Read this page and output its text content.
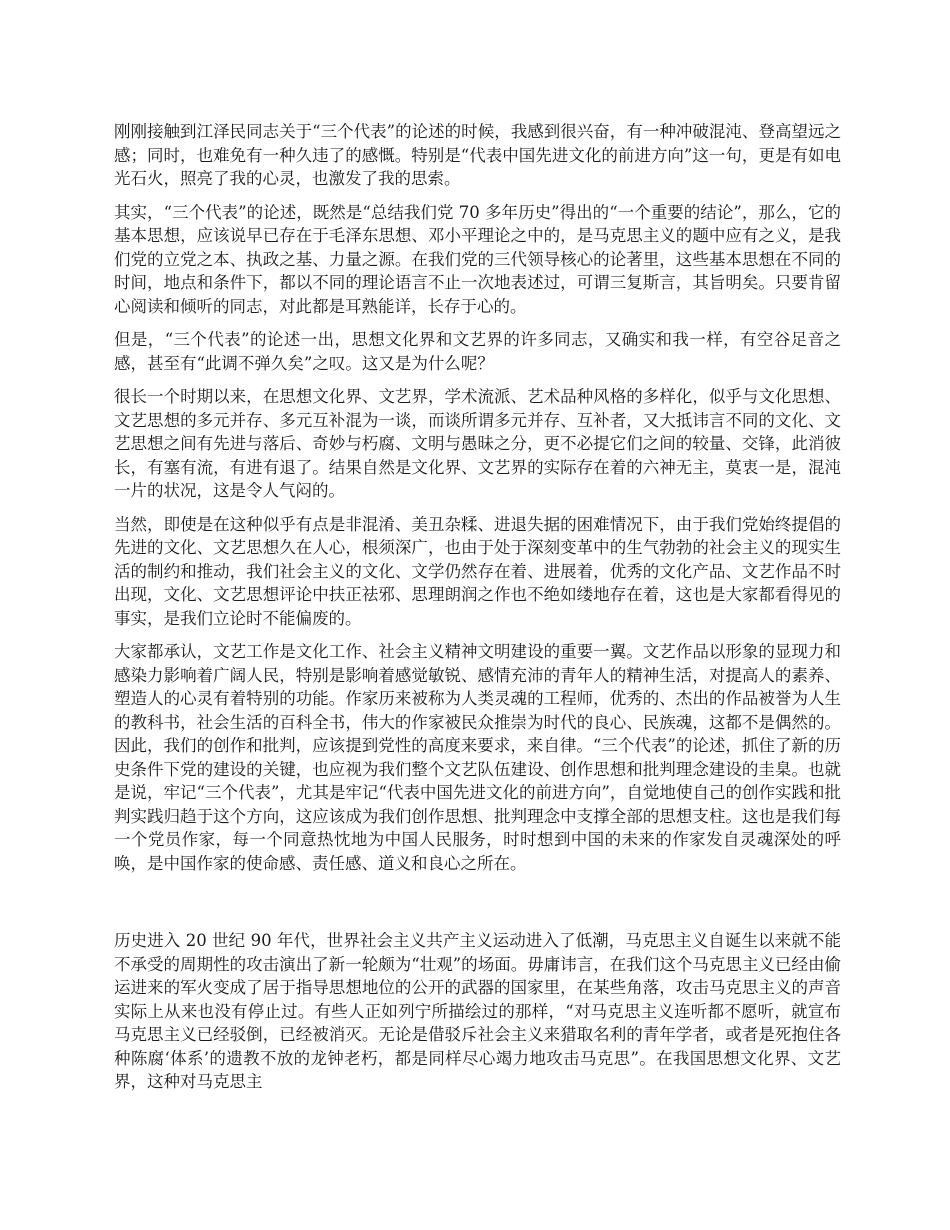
刚刚接触到江泽民同志关于“三个代表”的论述的时候，我感到很兴奋，有一种冲破混沌、登高望远之感；同时，也难免有一种久违了的感慨。特别是“代表中国先进文化的前进方向”这一句，更是有如电光石火，照亮了我的心灵，也激发了我的思索。

其实，“三个代表”的论述，既然是“总结我们党 70 多年历史”得出的“一个重要的结论”，那么，它的基本思想，应该说早已存在于毛泽东思想、邓小平理论之中的，是马克思主义的题中应有之义，是我们党的立党之本、执政之基、力量之源。在我们党的三代领导核心的论著里，这些基本思想在不同的时间，地点和条件下，都以不同的理论语言不止一次地表述过，可谓三复斯言，其旨明矣。只要肯留心阅读和倾听的同志，对此都是耳熟能详，长存于心的。

但是，“三个代表”的论述一出，思想文化界和文艺界的许多同志，又确实和我一样，有空谷足音之感，甚至有“此调不弹久矣”之叹。这又是为什么呢？

很长一个时期以来，在思想文化界、文艺界，学术流派、艺术品种风格的多样化，似乎与文化思想、文艺思想的多元并存、多元互补混为一谈，而谈所谓多元并存、互补者，又大抵讳言不同的文化、文艺思想之间有先进与落后、奇妙与朽腐、文明与愚昧之分，更不必提它们之间的较量、交锋，此消彼长，有塞有流，有进有退了。结果自然是文化界、文艺界的实际存在着的六神无主，莫衷一是，混沌一片的状况，这是令人气闷的。

当然，即使是在这种似乎有点是非混淆、美丑杂糅、进退失据的困难情况下，由于我们党始终提倡的先进的文化、文艺思想久在人心，根须深广，也由于处于深刻变革中的生气勃勃的社会主义的现实生活的制约和推动，我们社会主义的文化、文学仍然存在着、进展着，优秀的文化产品、文艺作品不时出现，文化、文艺思想评论中扶正祛邪、思理朗润之作也不绝如缕地存在着，这也是大家都看得见的事实，是我们立论时不能偏废的。

大家都承认，文艺工作是文化工作、社会主义精神文明建设的重要一翼。文艺作品以形象的显现力和感染力影响着广阔人民，特别是影响着感觉敏锐、感情充沛的青年人的精神生活，对提高人的素养、塑造人的心灵有着特别的功能。作家历来被称为人类灵魂的工程师，优秀的、杰出的作品被誉为人生的教科书，社会生活的百科全书，伟大的作家被民众推崇为时代的良心、民族魂，这都不是偶然的。因此，我们的创作和批判，应该提到党性的高度来要求，来自律。“三个代表”的论述，抓住了新的历史条件下党的建设的关键，也应视为我们整个文艺队伍建设、创作思想和批判理念建设的圭臬。也就是说，牢记“三个代表”，尤其是牢记“代表中国先进文化的前进方向”，自觉地使自己的创作实践和批判实践归趋于这个方向，这应该成为我们创作思想、批判理念中支撑全部的思想支柱。这也是我们每一个党员作家，每一个同意热忱地为中国人民服务，时时想到中国的未来的作家发自灵魂深处的呼唤，是中国作家的使命感、责任感、道义和良心之所在。

历史进入 20 世纪 90 年代，世界社会主义共产主义运动进入了低潮，马克思主义自诞生以来就不能不承受的周期性的攻击演出了新一轮颇为“壮观”的场面。毋庸讳言，在我们这个马克思主义已经由偷运进来的军火变成了居于指导思想地位的公开的武器的国家里，在某些角落，攻击马克思主义的声音实际上从来也没有停止过。有些人正如列宁所描绘过的那样，“对马克思主义连听都不愿听，就宣布马克思主义已经驳倒，已经被消灭。无论是借驳斥社会主义来猎取名利的青年学者，或者是死抱住各种陈腐‘体系’的遗教不放的龙钟老朽，都是同样尽心竭力地攻击马克思”。在我国思想文化界、文艺界，这种对马克思主
